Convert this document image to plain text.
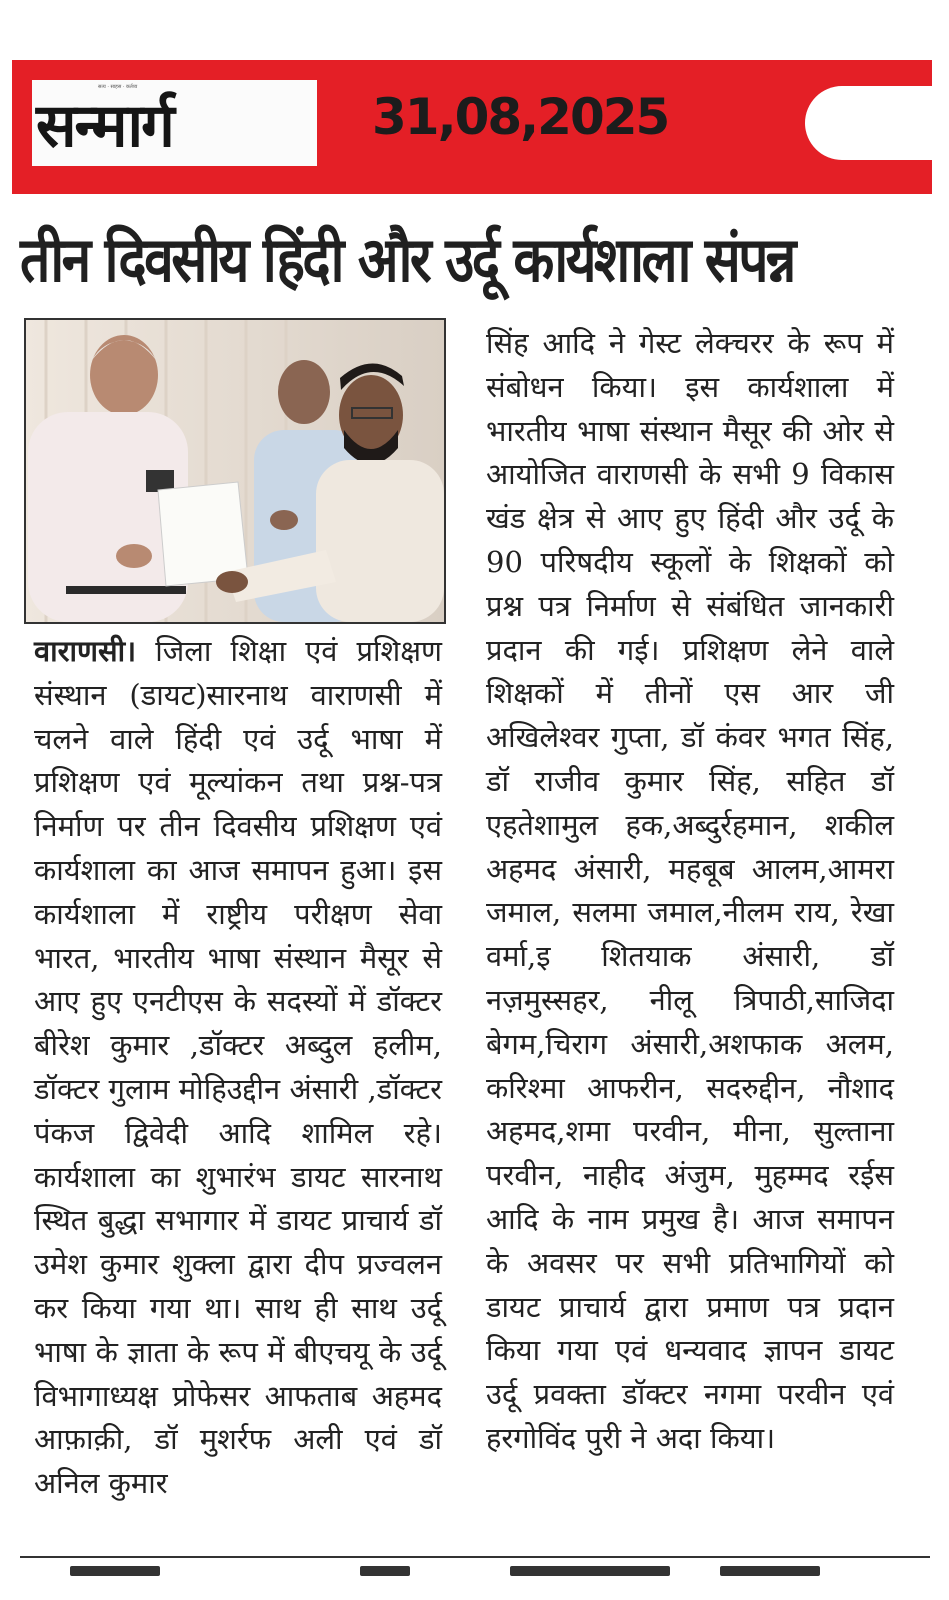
सत्य · साहस · कर्तव्य
सन्मार्ग	31,08,2025
तीन दिवसीय हिंदी और उर्दू कार्यशाला संपन्न

वाराणसी। जिला शिक्षा एवं प्रशिक्षण संस्थान (डायट)सारनाथ वाराणसी में चलने वाले हिंदी एवं उर्दू भाषा में प्रशिक्षण एवं मूल्यांकन तथा प्रश्न-पत्र निर्माण पर तीन दिवसीय प्रशिक्षण एवं कार्यशाला का आज समापन हुआ। इस कार्यशाला में राष्ट्रीय परीक्षण सेवा भारत, भारतीय भाषा संस्थान मैसूर से आए हुए एनटीएस के सदस्यों में डॉक्टर बीरेश कुमार ,डॉक्टर अब्दुल हलीम, डॉक्टर गुलाम मोहिउद्दीन अंसारी ,डॉक्टर पंकज द्विवेदी आदि शामिल रहे। कार्यशाला का शुभारंभ डायट सारनाथ स्थित बुद्धा सभागार में डायट प्राचार्य डॉ उमेश कुमार शुक्ला द्वारा दीप प्रज्वलन कर किया गया था। साथ ही साथ उर्दू भाषा के ज्ञाता के रूप में बीएचयू के उर्दू विभागाध्यक्ष प्रोफेसर आफताब अहमद आफ़ाक़ी, डॉ मुशर्रफ अली एवं डॉ अनिल कुमार

सिंह आदि ने गेस्ट लेक्चरर के रूप में संबोधन किया। इस कार्यशाला में भारतीय भाषा संस्थान मैसूर की ओर से आयोजित वाराणसी के सभी 9 विकास खंड क्षेत्र से आए हुए हिंदी और उर्दू के 90 परिषदीय स्कूलों के शिक्षकों को प्रश्न पत्र निर्माण से संबंधित जानकारी प्रदान की गई। प्रशिक्षण लेने वाले शिक्षकों में तीनों एस आर जी अखिलेश्वर गुप्ता, डॉ कंवर भगत सिंह, डॉ राजीव कुमार सिंह, सहित डॉ एहतेशामुल हक,अब्दुर्रहमान, शकील अहमद अंसारी, महबूब आलम,आमरा जमाल, सलमा जमाल,नीलम राय, रेखा वर्मा,इ शितयाक अंसारी, डॉ नज़मुस्सहर, नीलू त्रिपाठी,साजिदा बेगम,चिराग अंसारी,अशफाक अलम, करिश्मा आफरीन, सदरुद्दीन, नौशाद अहमद,शमा परवीन, मीना, सुल्ताना परवीन, नाहीद अंजुम, मुहम्मद रईस आदि के नाम प्रमुख है। आज समापन के अवसर पर सभी प्रतिभागियों को डायट प्राचार्य द्वारा प्रमाण पत्र प्रदान किया गया एवं धन्यवाद ज्ञापन डायट उर्दू प्रवक्ता डॉक्टर नगमा परवीन एवं हरगोविंद पुरी ने अदा किया।
